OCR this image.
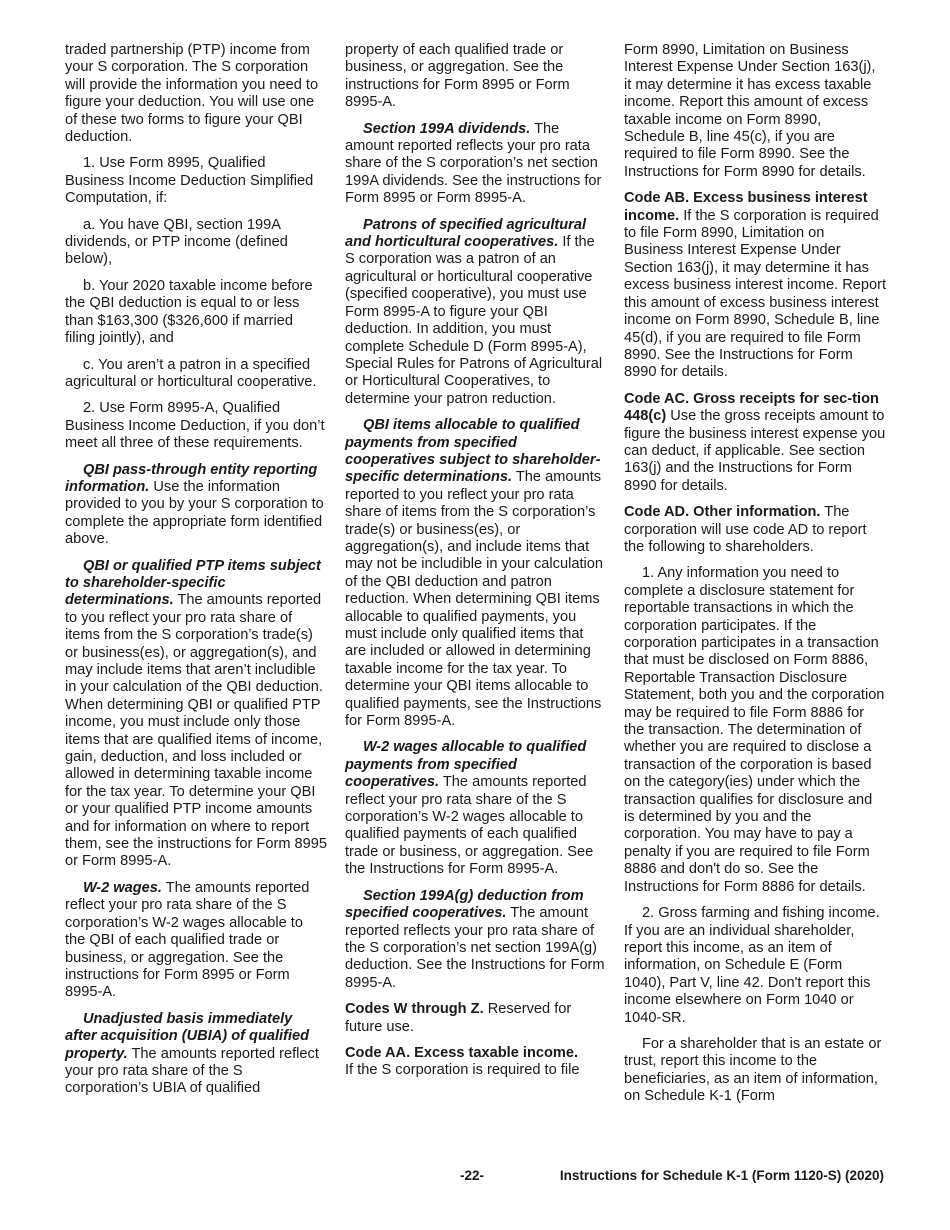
traded partnership (PTP) income from your S corporation. The S corporation will provide the information you need to figure your deduction. You will use one of these two forms to figure your QBI deduction.

1. Use Form 8995, Qualified Business Income Deduction Simplified Computation, if:

a. You have QBI, section 199A dividends, or PTP income (defined below),

b. Your 2020 taxable income before the QBI deduction is equal to or less than $163,300 ($326,600 if married filing jointly), and

c. You aren’t a patron in a specified agricultural or horticultural cooperative.

2. Use Form 8995-A, Qualified Business Income Deduction, if you don’t meet all three of these requirements.

QBI pass-through entity reporting information. Use the information provided to you by your S corporation to complete the appropriate form identified above.

QBI or qualified PTP items subject to shareholder-specific determinations. The amounts reported to you reflect your pro rata share of items from the S corporation’s trade(s) or business(es), or aggregation(s), and may include items that aren’t includible in your calculation of the QBI deduction. When determining QBI or qualified PTP income, you must include only those items that are qualified items of income, gain, deduction, and loss included or allowed in determining taxable income for the tax year. To determine your QBI or your qualified PTP income amounts and for information on where to report them, see the instructions for Form 8995 or Form 8995-A.

W-2 wages. The amounts reported reflect your pro rata share of the S corporation’s W-2 wages allocable to the QBI of each qualified trade or business, or aggregation. See the instructions for Form 8995 or Form 8995-A.

Unadjusted basis immediately after acquisition (UBIA) of qualified property. The amounts reported reflect your pro rata share of the S corporation’s UBIA of qualified

property of each qualified trade or business, or aggregation. See the instructions for Form 8995 or Form 8995-A.

Section 199A dividends. The amount reported reflects your pro rata share of the S corporation’s net section 199A dividends. See the instructions for Form 8995 or Form 8995-A.

Patrons of specified agricultural and horticultural cooperatives. If the S corporation was a patron of an agricultural or horticultural cooperative (specified cooperative), you must use Form 8995-A to figure your QBI deduction. In addition, you must complete Schedule D (Form 8995-A), Special Rules for Patrons of Agricultural or Horticultural Cooperatives, to determine your patron reduction.

QBI items allocable to qualified payments from specified cooperatives subject to shareholder-specific determinations. The amounts reported to you reflect your pro rata share of items from the S corporation’s trade(s) or business(es), or aggregation(s), and include items that may not be includible in your calculation of the QBI deduction and patron reduction. When determining QBI items allocable to qualified payments, you must include only qualified items that are included or allowed in determining taxable income for the tax year. To determine your QBI items allocable to qualified payments, see the Instructions for Form 8995-A.

W-2 wages allocable to qualified payments from specified cooperatives. The amounts reported reflect your pro rata share of the S corporation’s W-2 wages allocable to qualified payments of each qualified trade or business, or aggregation. See the Instructions for Form 8995-A.

Section 199A(g) deduction from specified cooperatives. The amount reported reflects your pro rata share of the S corporation’s net section 199A(g) deduction. See the Instructions for Form 8995-A.

Codes W through Z. Reserved for future use.

Code AA. Excess taxable income.
If the S corporation is required to file

Form 8990, Limitation on Business Interest Expense Under Section 163(j), it may determine it has excess taxable income. Report this amount of excess taxable income on Form 8990, Schedule B, line 45(c), if you are required to file Form 8990. See the Instructions for Form 8990 for details.

Code AB. Excess business interest income. If the S corporation is required to file Form 8990, Limitation on Business Interest Expense Under Section 163(j), it may determine it has excess business interest income. Report this amount of excess business interest income on Form 8990, Schedule B, line 45(d), if you are required to file Form 8990. See the Instructions for Form 8990 for details.

Code AC. Gross receipts for sec-tion 448(c) Use the gross receipts amount to figure the business interest expense you can deduct, if applicable. See section 163(j) and the Instructions for Form 8990 for details.

Code AD. Other information. The corporation will use code AD to report the following to shareholders.

1. Any information you need to complete a disclosure statement for reportable transactions in which the corporation participates. If the corporation participates in a transaction that must be disclosed on Form 8886, Reportable Transaction Disclosure Statement, both you and the corporation may be required to file Form 8886 for the transaction. The determination of whether you are required to disclose a transaction of the corporation is based on the category(ies) under which the transaction qualifies for disclosure and is determined by you and the corporation. You may have to pay a penalty if you are required to file Form 8886 and don't do so. See the Instructions for Form 8886 for details.

2. Gross farming and fishing income. If you are an individual shareholder, report this income, as an item of information, on Schedule E (Form 1040), Part V, line 42. Don't report this income elsewhere on Form 1040 or 1040-SR.

For a shareholder that is an estate or trust, report this income to the beneficiaries, as an item of information, on Schedule K-1 (Form

-22-	Instructions for Schedule K-1 (Form 1120-S) (2020)
